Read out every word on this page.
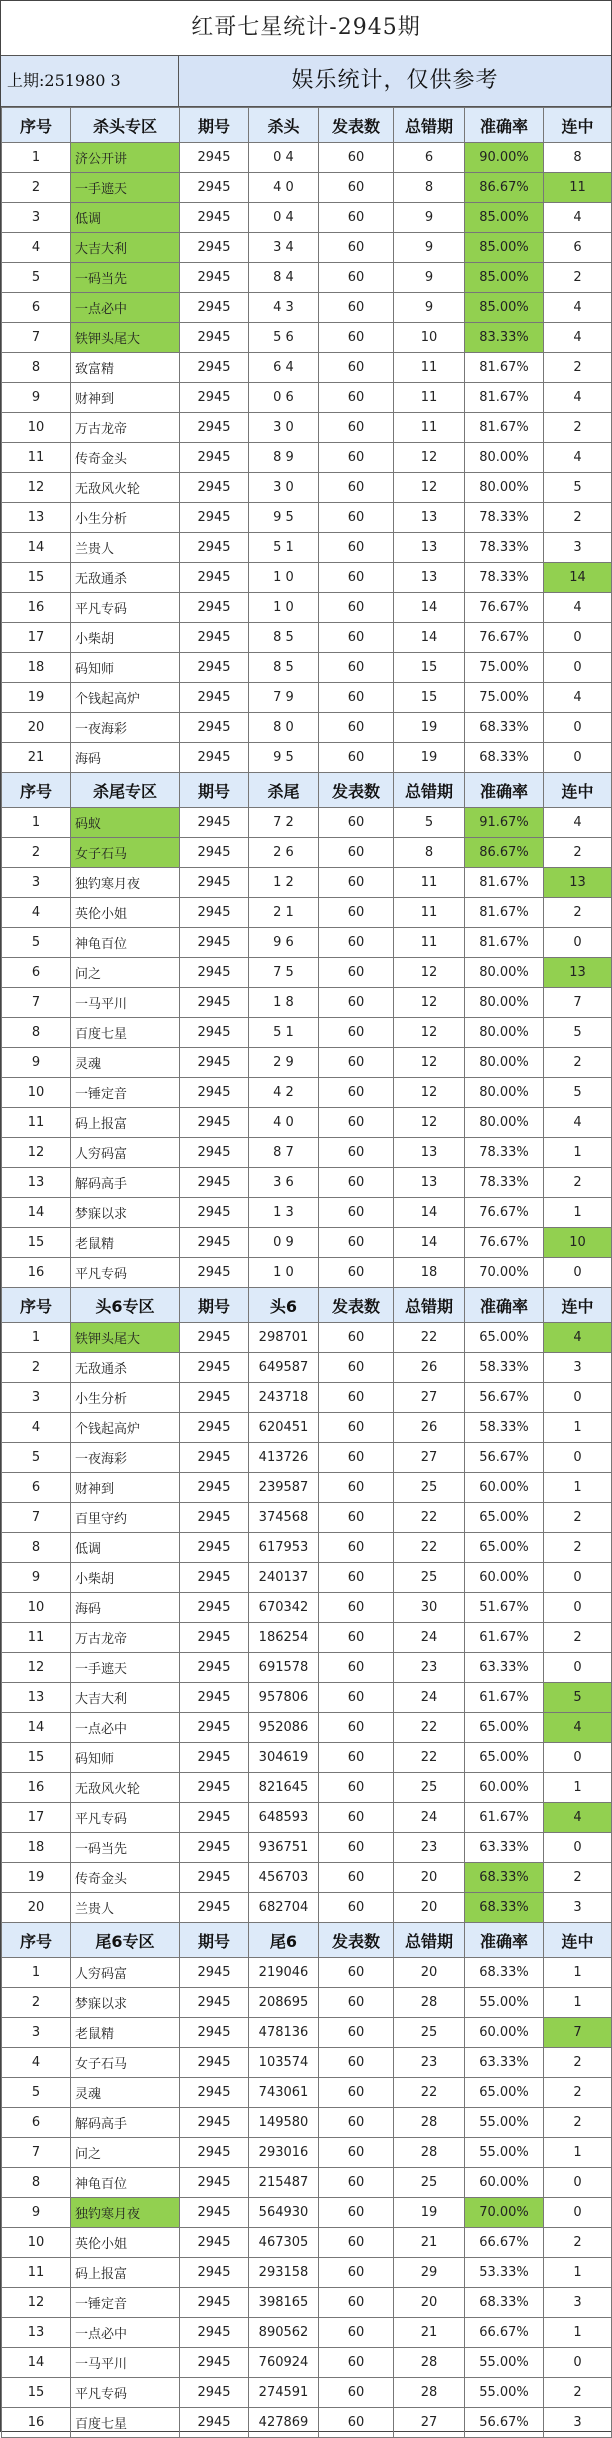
红哥七星统计-2945期
上期:251980 3	娱乐统计，仅供参考
序号	杀头专区	期号	杀头	发表数	总错期	准确率	连中
1	济公开讲	2945	0 4	60	6	90.00%	8
2	一手遮天	2945	4 0	60	8	86.67%	11
3	低调	2945	0 4	60	9	85.00%	4
4	大吉大利	2945	3 4	60	9	85.00%	6
5	一码当先	2945	8 4	60	9	85.00%	2
6	一点必中	2945	4 3	60	9	85.00%	4
7	铁钾头尾大	2945	5 6	60	10	83.33%	4
8	致富精	2945	6 4	60	11	81.67%	2
9	财神到	2945	0 6	60	11	81.67%	4
10	万古龙帝	2945	3 0	60	11	81.67%	2
11	传奇金头	2945	8 9	60	12	80.00%	4
12	无敌风火轮	2945	3 0	60	12	80.00%	5
13	小生分析	2945	9 5	60	13	78.33%	2
14	兰贵人	2945	5 1	60	13	78.33%	3
15	无敌通杀	2945	1 0	60	13	78.33%	14
16	平凡专码	2945	1 0	60	14	76.67%	4
17	小柴胡	2945	8 5	60	14	76.67%	0
18	码知师	2945	8 5	60	15	75.00%	0
19	个钱起高炉	2945	7 9	60	15	75.00%	4
20	一夜海彩	2945	8 0	60	19	68.33%	0
21	海码	2945	9 5	60	19	68.33%	0
序号	杀尾专区	期号	杀尾	发表数	总错期	准确率	连中
1	码蚁	2945	7 2	60	5	91.67%	4
2	女子石马	2945	2 6	60	8	86.67%	2
3	独钓寒月夜	2945	1 2	60	11	81.67%	13
4	英伦小姐	2945	2 1	60	11	81.67%	2
5	神龟百位	2945	9 6	60	11	81.67%	0
6	问之	2945	7 5	60	12	80.00%	13
7	一马平川	2945	1 8	60	12	80.00%	7
8	百度七星	2945	5 1	60	12	80.00%	5
9	灵魂	2945	2 9	60	12	80.00%	2
10	一锤定音	2945	4 2	60	12	80.00%	5
11	码上报富	2945	4 0	60	12	80.00%	4
12	人穷码富	2945	8 7	60	13	78.33%	1
13	解码高手	2945	3 6	60	13	78.33%	2
14	梦寐以求	2945	1 3	60	14	76.67%	1
15	老鼠精	2945	0 9	60	14	76.67%	10
16	平凡专码	2945	1 0	60	18	70.00%	0
序号	头6专区	期号	头6	发表数	总错期	准确率	连中
1	铁钾头尾大	2945	298701	60	22	65.00%	4
2	无敌通杀	2945	649587	60	26	58.33%	3
3	小生分析	2945	243718	60	27	56.67%	0
4	个钱起高炉	2945	620451	60	26	58.33%	1
5	一夜海彩	2945	413726	60	27	56.67%	0
6	财神到	2945	239587	60	25	60.00%	1
7	百里守约	2945	374568	60	22	65.00%	2
8	低调	2945	617953	60	22	65.00%	2
9	小柴胡	2945	240137	60	25	60.00%	0
10	海码	2945	670342	60	30	51.67%	0
11	万古龙帝	2945	186254	60	24	61.67%	2
12	一手遮天	2945	691578	60	23	63.33%	0
13	大吉大利	2945	957806	60	24	61.67%	5
14	一点必中	2945	952086	60	22	65.00%	4
15	码知师	2945	304619	60	22	65.00%	0
16	无敌风火轮	2945	821645	60	25	60.00%	1
17	平凡专码	2945	648593	60	24	61.67%	4
18	一码当先	2945	936751	60	23	63.33%	0
19	传奇金头	2945	456703	60	20	68.33%	2
20	兰贵人	2945	682704	60	20	68.33%	3
序号	尾6专区	期号	尾6	发表数	总错期	准确率	连中
1	人穷码富	2945	219046	60	20	68.33%	1
2	梦寐以求	2945	208695	60	28	55.00%	1
3	老鼠精	2945	478136	60	25	60.00%	7
4	女子石马	2945	103574	60	23	63.33%	2
5	灵魂	2945	743061	60	22	65.00%	2
6	解码高手	2945	149580	60	28	55.00%	2
7	问之	2945	293016	60	28	55.00%	1
8	神龟百位	2945	215487	60	25	60.00%	0
9	独钓寒月夜	2945	564930	60	19	70.00%	0
10	英伦小姐	2945	467305	60	21	66.67%	2
11	码上报富	2945	293158	60	29	53.33%	1
12	一锤定音	2945	398165	60	20	68.33%	3
13	一点必中	2945	890562	60	21	66.67%	1
14	一马平川	2945	760924	60	28	55.00%	0
15	平凡专码	2945	274591	60	28	55.00%	2
16	百度七星	2945	427869	60	27	56.67%	3
